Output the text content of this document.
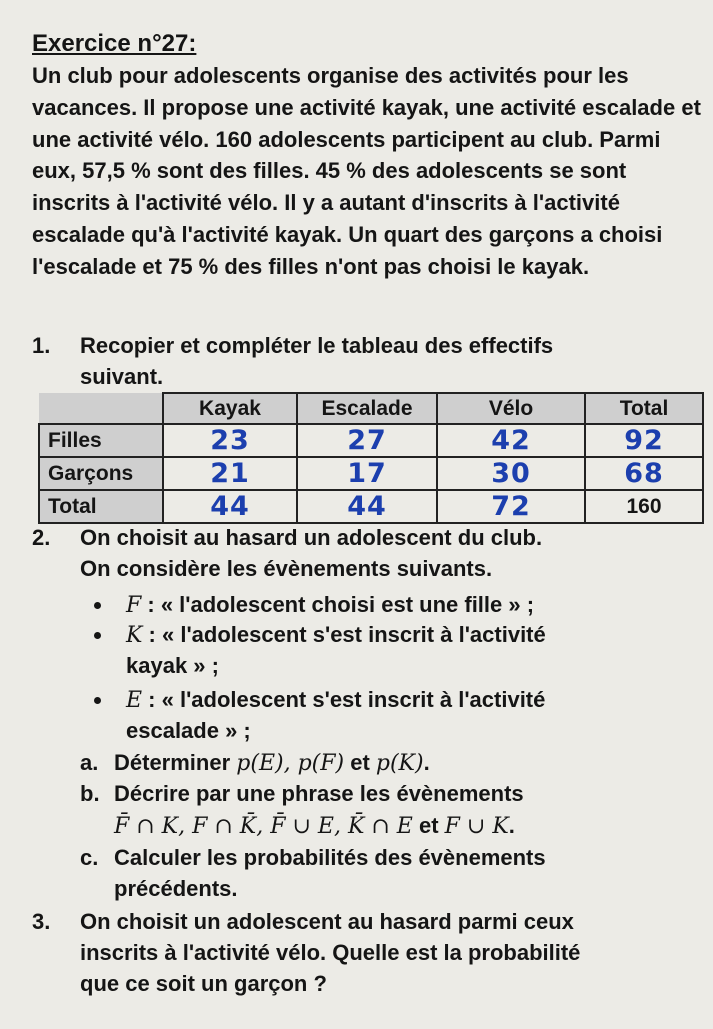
Exercice n°27:
Un club pour adolescents organise des activités pour les vacances. Il propose une activité kayak, une activité escalade et une activité vélo. 160 adolescents participent au club. Parmi eux, 57,5 % sont des filles. 45 % des adolescents se sont inscrits à l'activité vélo. Il y a autant d'inscrits à l'activité escalade qu'à l'activité kayak. Un quart des garçons a choisi l'escalade et 75 % des filles n'ont pas choisi le kayak.
1. Recopier et compléter le tableau des effectifs
suivant.
	Kayak	Escalade	Vélo	Total
Filles	23	27	42	92
Garçons	21	17	30	68
Total	44	44	72	160
2. On choisit au hasard un adolescent du club.
On considère les évènements suivants.
F : « l'adolescent choisi est une fille » ;
K : « l'adolescent s'est inscrit à l'activité
kayak » ;
E : « l'adolescent s'est inscrit à l'activité
escalade » ;
a. Déterminer p(E), p(F) et p(K).
b. Décrire par une phrase les évènements
F̄ ∩ K, F ∩ K̄, F̄ ∪ E, K̄ ∩ E et F ∪ K.
c. Calculer les probabilités des évènements
précédents.
3. On choisit un adolescent au hasard parmi ceux
inscrits à l'activité vélo. Quelle est la probabilité
que ce soit un garçon ?
